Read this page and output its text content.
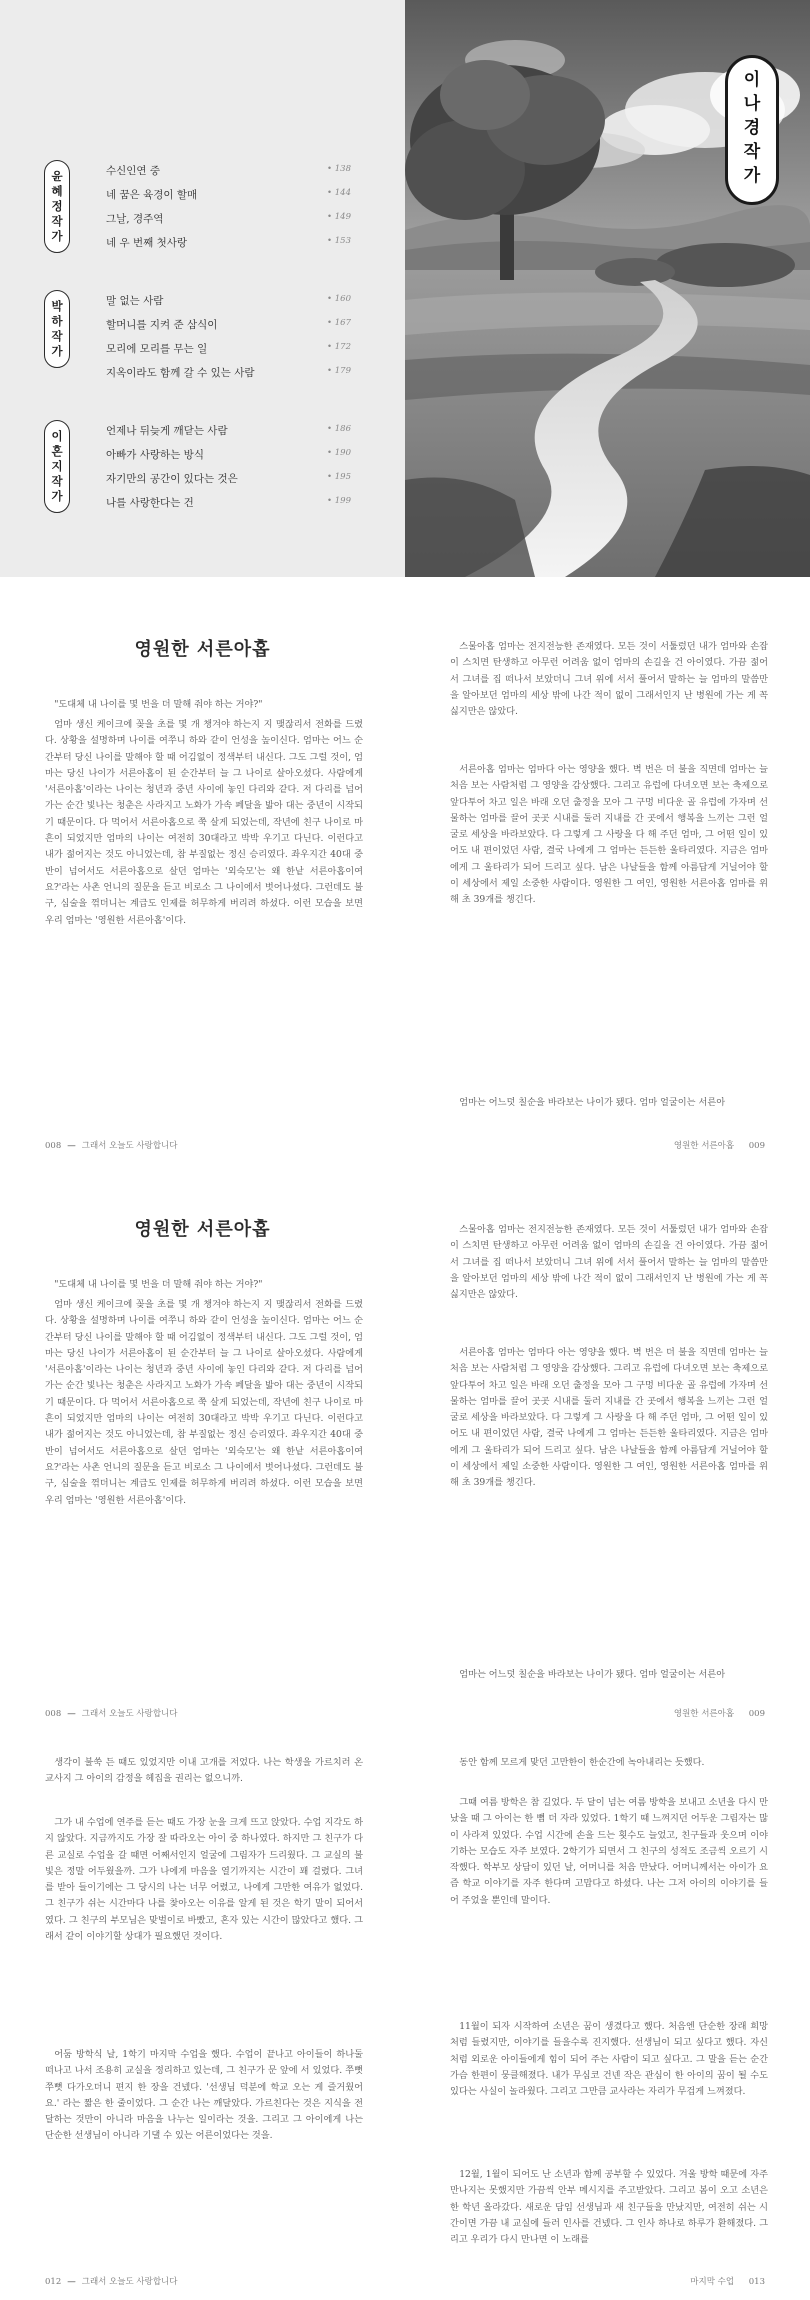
윤
혜
정
작
가
수신인연 중	• 138
네 꿈은 육경이 할매	• 144
그날, 경주역	• 149
네 우 번째 첫사랑	• 153
박
하
작
가
말 없는 사람	• 160
할머니를 지켜 준 삼식이	• 167
모리에 모리를 무는 일	• 172
지옥이라도 함께 갈 수 있는 사람	• 179
이
혼
지
작
가
언제나 뒤늦게 깨닫는 사람	• 186
아빠가 사랑하는 방식	• 190
자기만의 공간이 있다는 것은	• 195
나를 사랑한다는 건	• 199
이
나
경
작
가
영원한 서른아홉

"도대체 내 나이를 몇 번을 더 말해 줘야 하는 거야?"

엄마 생신 케이크에 꽂을 초를 몇 개 챙겨야 하는지 지 맺잖리서 전화를 드렸다. 상황을 설명하며 나이를 여쭈니 하와 같이 언성을 높이신다. 엄마는 어느 순간부터 당신 나이를 말해야 할 때 어김없이 정색부터 내신다. 그도 그럴 것이, 엄마는 당신 나이가 서른아홉이 된 순간부터 늘 그 나이로 살아오셨다. 사람에게 '서른아홉'이라는 나이는 청년과 중년 사이에 놓인 다리와 같다. 저 다리를 넘어가는 순간 빛나는 청춘은 사라지고 노화가 가속 페달을 밟아 대는 중년이 시작되기 때문이다. 다 먹어서 서른아홉으로 쭉 살게 되었는데, 작년에 친구 나이로 마흔이 되었지만 엄마의 나이는 여전히 30대라고 박박 우기고 다닌다. 이런다고 내가 젊어지는 것도 아니었는데, 참 부질없는 정신 승리였다. 좌우지간 40대 중반이 넘어서도 서른아홉으로 살던 엄마는 '외숙모'는 왜 한낱 서른아홉이여요?'라는 사촌 언니의 질문을 듣고 비로소 그 나이에서 벗어나셨다. 그런데도 불구, 심술을 꺾더니는 계급도 인제를 허무하게 버리려 하셨다. 이런 모습을 보면 우리 엄마는 '영원한 서른아홉'이다.

008 — 그래서 오늘도 사랑합니다

스물아홉 엄마는 전지전능한 존재였다. 모든 것이 서툴렀던 내가 엄마와 손잡이 스치면 탄생하고 아무런 어려움 없이 엄마의 손길을 건 아이였다. 가끔 젊어서 그녀를 집 떠나서 보았더니 그녀 위에 서서 풀어서 말하는 늘 엄마의 말씀만을 알아보던 엄마의 세상 밖에 나간 적이 없이 그래서인지 난 병원에 가는 게 꼭 싫지만은 않았다.

서른아홉 엄마는 엄마다 아는 영양을 했다. 벽 번은 더 불을 직면데 엄마는 늘 처음 보는 사람처럼 그 영양을 감상했다. 그리고 유럽에 다녀오면 보는 축제으로 앞다투어 차고 일은 바래 오던 출정을 모아 그 구멍 비다운 골 유럽에 가자며 선물하는 엄마를 끌어 곳곳 시내를 둘러 지내를 간 곳에서 행복을 느끼는 그런 얼굴로 세상을 바라보았다. 다 그렇게 그 사랑을 다 해 주던 엄마, 그 어떤 일이 있어도 내 편이었던 사람, 결국 나에게 그 엄마는 든든한 울타리였다. 지금은 엄마에게 그 울타리가 되어 드리고 싶다. 남은 나날들을 함께 아름답게 거닐어야 할 이 세상에서 제일 소중한 사람이다. 영원한 그 여인, 영원한 서른아홉 엄마를 위해 초 39개를 챙긴다.

엄마는 어느덧 칠순을 바라보는 나이가 됐다. 엄마 얼굴이는 서른아

영원한 서른아홉 009
영원한 서른아홉

"도대체 내 나이를 몇 번을 더 말해 줘야 하는 거야?"

엄마 생신 케이크에 꽂을 초를 몇 개 챙겨야 하는지 지 맺잖리서 전화를 드렸다. 상황을 설명하며 나이를 여쭈니 하와 같이 언성을 높이신다. 엄마는 어느 순간부터 당신 나이를 말해야 할 때 어김없이 정색부터 내신다. 그도 그럴 것이, 엄마는 당신 나이가 서른아홉이 된 순간부터 늘 그 나이로 살아오셨다. 사람에게 '서른아홉'이라는 나이는 청년과 중년 사이에 놓인 다리와 같다. 저 다리를 넘어가는 순간 빛나는 청춘은 사라지고 노화가 가속 페달을 밟아 대는 중년이 시작되기 때문이다. 다 먹어서 서른아홉으로 쭉 살게 되었는데, 작년에 친구 나이로 마흔이 되었지만 엄마의 나이는 여전히 30대라고 박박 우기고 다닌다. 이런다고 내가 젊어지는 것도 아니었는데, 참 부질없는 정신 승리였다. 좌우지간 40대 중반이 넘어서도 서른아홉으로 살던 엄마는 '외숙모'는 왜 한낱 서른아홉이여요?'라는 사촌 언니의 질문을 듣고 비로소 그 나이에서 벗어나셨다. 그런데도 불구, 심술을 꺾더니는 계급도 인제를 허무하게 버리려 하셨다. 이런 모습을 보면 우리 엄마는 '영원한 서른아홉'이다.

008 — 그래서 오늘도 사랑합니다

스물아홉 엄마는 전지전능한 존재였다. 모든 것이 서툴렀던 내가 엄마와 손잡이 스치면 탄생하고 아무런 어려움 없이 엄마의 손길을 건 아이였다. 가끔 젊어서 그녀를 집 떠나서 보았더니 그녀 위에 서서 풀어서 말하는 늘 엄마의 말씀만을 알아보던 엄마의 세상 밖에 나간 적이 없이 그래서인지 난 병원에 가는 게 꼭 싫지만은 않았다.

서른아홉 엄마는 엄마다 아는 영양을 했다. 벽 번은 더 불을 직면데 엄마는 늘 처음 보는 사람처럼 그 영양을 감상했다. 그리고 유럽에 다녀오면 보는 축제으로 앞다투어 차고 일은 바래 오던 출정을 모아 그 구멍 비다운 골 유럽에 가자며 선물하는 엄마를 끌어 곳곳 시내를 둘러 지내를 간 곳에서 행복을 느끼는 그런 얼굴로 세상을 바라보았다. 다 그렇게 그 사랑을 다 해 주던 엄마, 그 어떤 일이 있어도 내 편이었던 사람, 결국 나에게 그 엄마는 든든한 울타리였다. 지금은 엄마에게 그 울타리가 되어 드리고 싶다. 남은 나날들을 함께 아름답게 거닐어야 할 이 세상에서 제일 소중한 사람이다. 영원한 그 여인, 영원한 서른아홉 엄마를 위해 초 39개를 챙긴다.

엄마는 어느덧 칠순을 바라보는 나이가 됐다. 엄마 얼굴이는 서른아

영원한 서른아홉 009

생각이 불쑥 든 때도 있었지만 이내 고개를 저었다. 나는 학생을 가르치러 온 교사지 그 아이의 감정을 헤집을 권리는 없으니까.

그가 내 수업에 연주를 듣는 때도 가장 눈을 크게 뜨고 앉았다. 수업 지각도 하지 않았다. 지금까지도 가장 잘 따라오는 아이 중 하나였다. 하지만 그 친구가 다른 교실로 수업을 갈 때면 어째서인지 얼굴에 그림자가 드리웠다. 그 교실의 불빛은 정말 어두웠을까. 그가 나에게 마음을 열기까지는 시간이 꽤 걸렸다. 그녀를 받아 들이기에는 그 당시의 나는 너무 어렸고, 나에게 그만한 여유가 없었다. 그 친구가 쉬는 시간마다 나를 찾아오는 이유를 알게 된 것은 학기 말이 되어서였다. 그 친구의 부모님은 맞벌이로 바빴고, 혼자 있는 시간이 많았다고 했다. 그래서 같이 이야기할 상대가 필요했던 것이다.

어둠 방학식 날, 1학기 마지막 수업을 했다. 수업이 끝나고 아이들이 하나둘 떠나고 나서 조용히 교실을 정리하고 있는데, 그 친구가 문 앞에 서 있었다. 쭈뼛쭈뼛 다가오더니 편지 한 장을 건넸다. '선생님 덕분에 학교 오는 게 즐거웠어요.' 라는 짧은 한 줄이었다. 그 순간 나는 깨달았다. 가르친다는 것은 지식을 전달하는 것만이 아니라 마음을 나누는 일이라는 것을. 그리고 그 아이에게 나는 단순한 선생님이 아니라 기댈 수 있는 어른이었다는 것을.

012 — 그래서 오늘도 사랑합니다

동안 함께 모르게 맞던 고만한이 한순간에 녹아내리는 듯했다.

그때 여름 방학은 참 길었다. 두 달이 넘는 여름 방학을 보내고 소년을 다시 만났을 때 그 아이는 한 뼘 더 자라 있었다. 1학기 때 느껴지던 어두운 그림자는 많이 사라져 있었다. 수업 시간에 손을 드는 횟수도 늘었고, 친구들과 웃으며 이야기하는 모습도 자주 보였다. 2학기가 되면서 그 친구의 성적도 조금씩 오르기 시작했다. 학부모 상담이 있던 날, 어머니를 처음 만났다. 어머니께서는 아이가 요즘 학교 이야기를 자주 한다며 고맙다고 하셨다. 나는 그저 아이의 이야기를 들어 주었을 뿐인데 말이다.

11월이 되자 시작하여 소년은 꿈이 생겼다고 했다. 처음엔 단순한 장래 희망처럼 들렸지만, 이야기를 들을수록 진지했다. 선생님이 되고 싶다고 했다. 자신처럼 외로운 아이들에게 힘이 되어 주는 사람이 되고 싶다고. 그 말을 듣는 순간 가슴 한편이 뭉클해졌다. 내가 무심코 건넨 작은 관심이 한 아이의 꿈이 될 수도 있다는 사실이 놀라웠다. 그리고 그만큼 교사라는 자리가 무겁게 느껴졌다.

12월, 1월이 되어도 난 소년과 함께 공부할 수 있었다. 겨울 방학 때문에 자주 만나지는 못했지만 가끔씩 안부 메시지를 주고받았다. 그리고 봄이 오고 소년은 한 학년 올라갔다. 새로운 담임 선생님과 새 친구들을 만났지만, 여전히 쉬는 시간이면 가끔 내 교실에 들러 인사를 건넸다. 그 인사 하나로 하루가 환해졌다. 그리고 우리가 다시 만나면 이 노래를

마지막 수업 013
